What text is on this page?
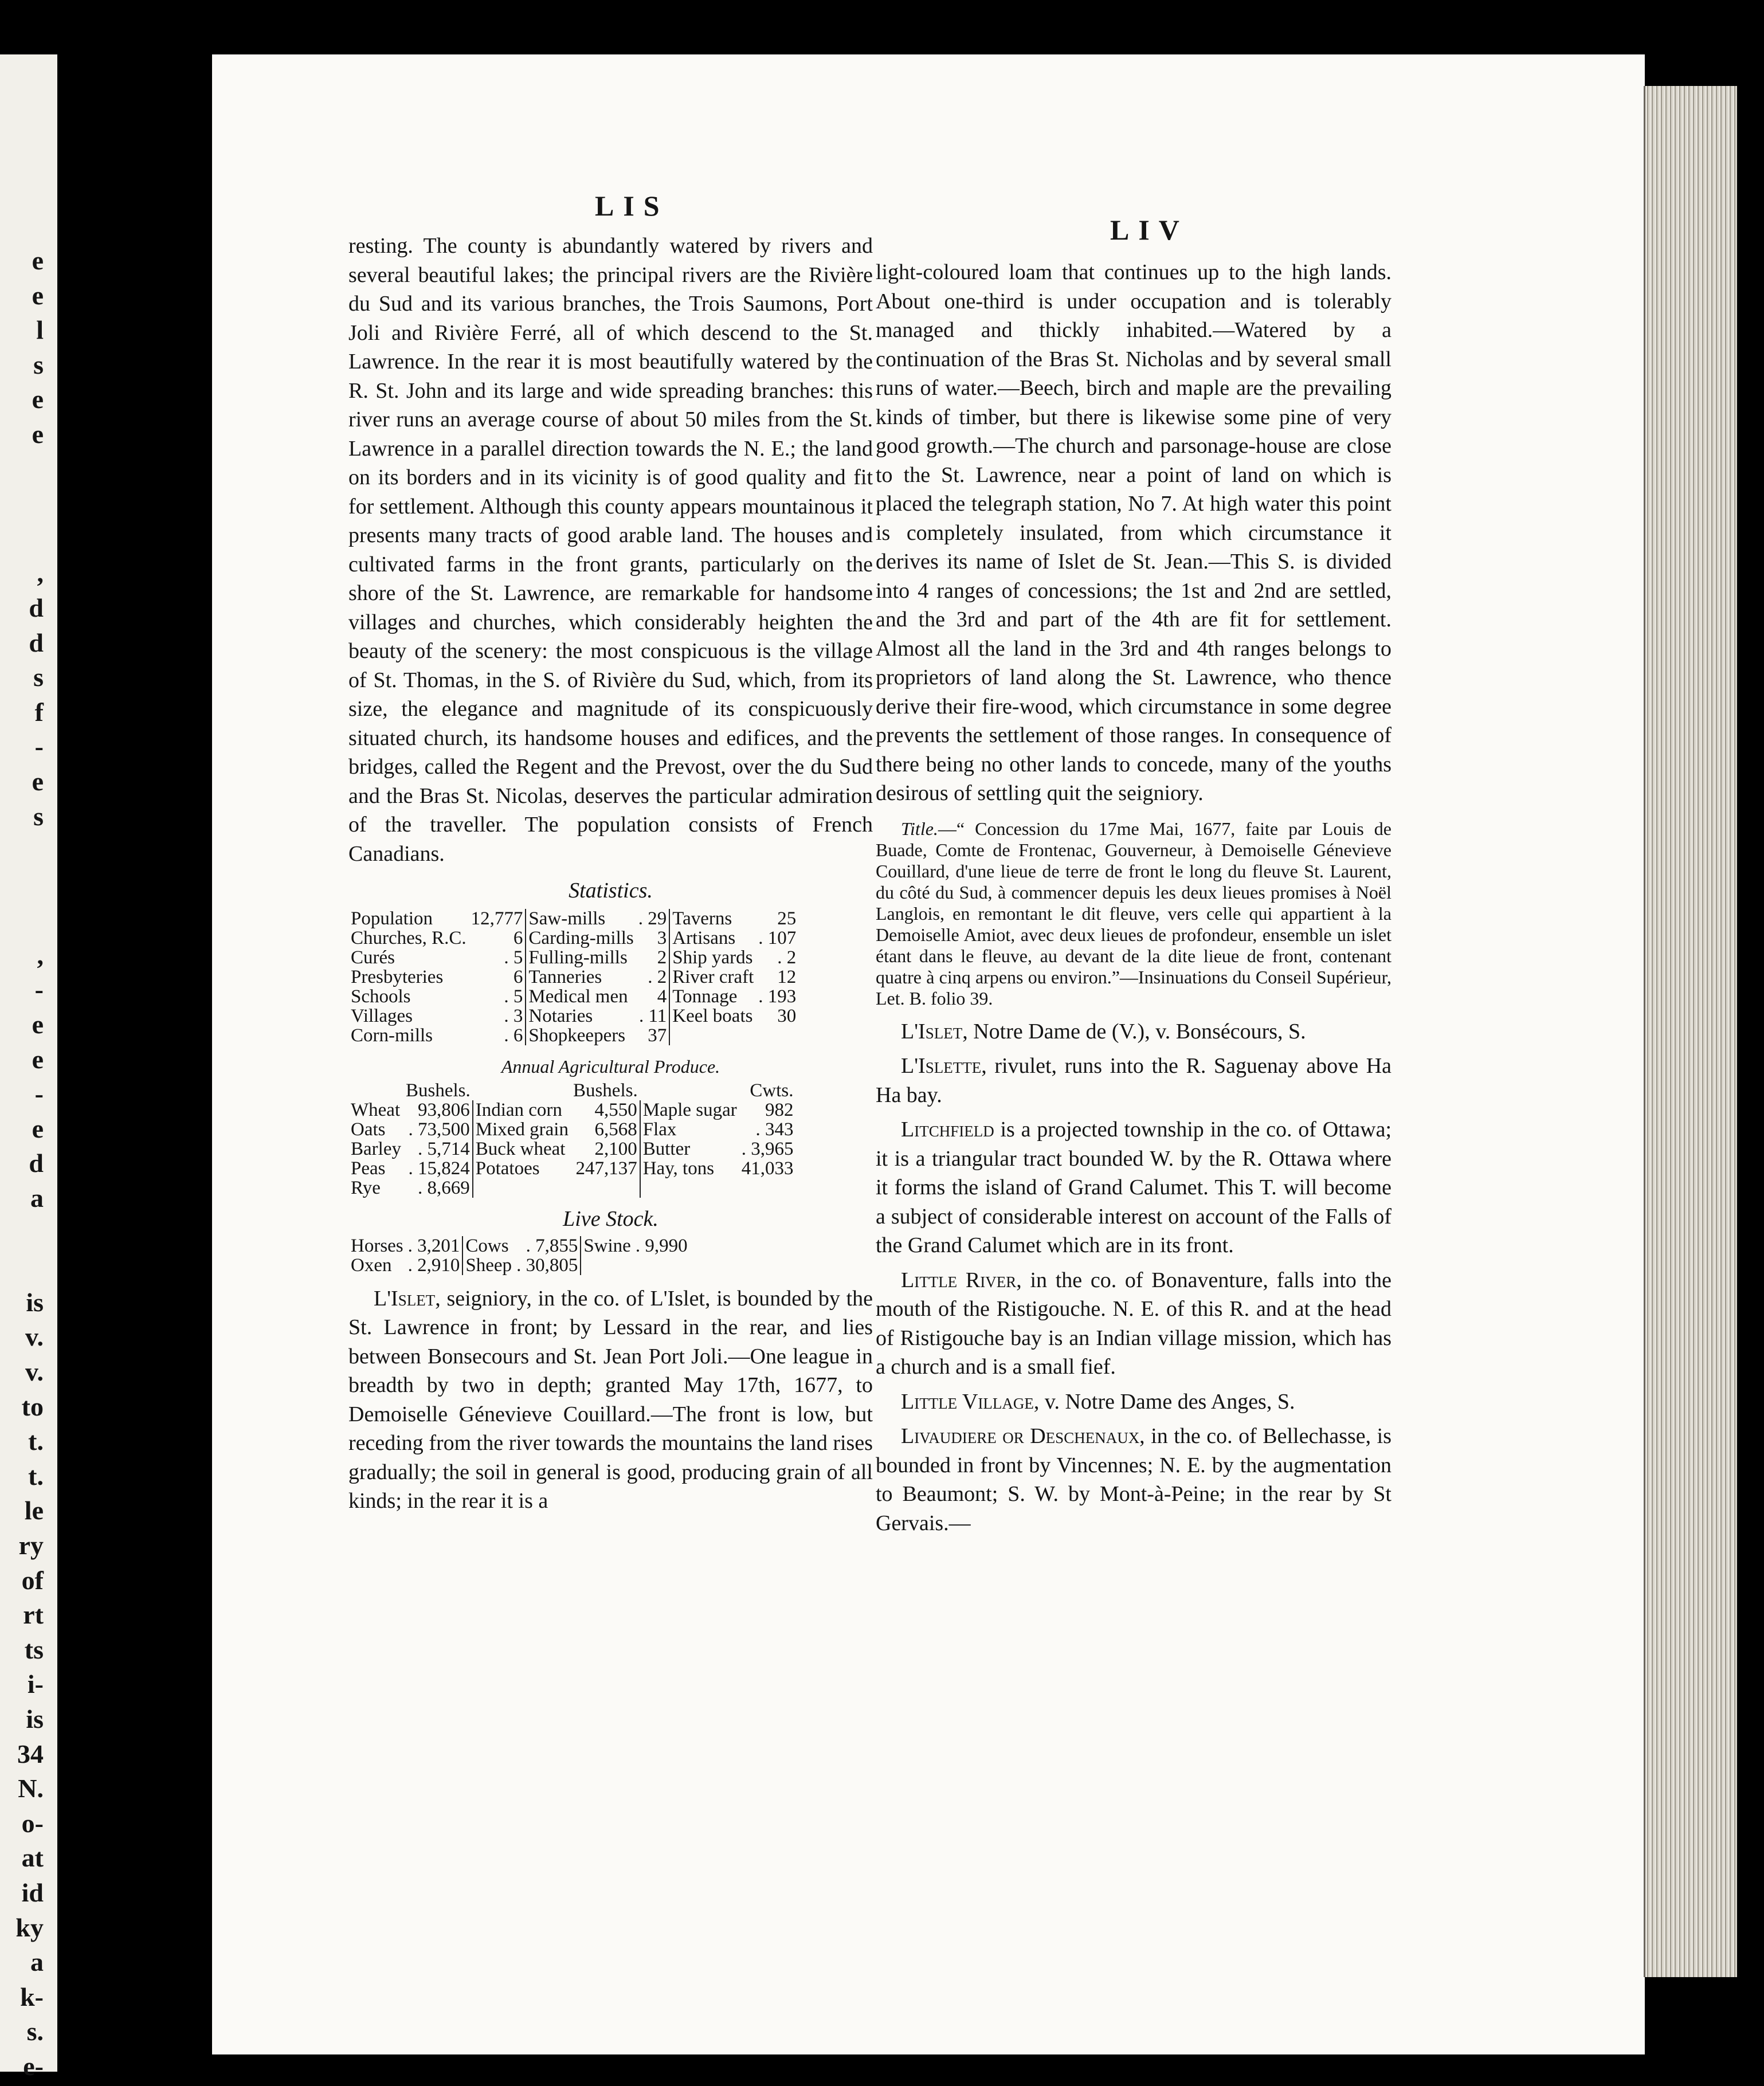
e
e
l
s
e
e

,
d
d
s
f
-
e
s

,
-
e
e
-
e
d
a

is
v.
v.
to
t.
t.
le
ry
of
rt
ts
i-
is
34
N.
o-
at
id
ky
a
k-
s.
e-
LIS
LIV

resting. The county is abundantly watered by rivers and several beautiful lakes; the principal rivers are the Rivière du Sud and its various branches, the Trois Saumons, Port Joli and Rivière Ferré, all of which descend to the St. Lawrence. In the rear it is most beautifully watered by the R. St. John and its large and wide spreading branches: this river runs an average course of about 50 miles from the St. Lawrence in a parallel direction towards the N. E.; the land on its borders and in its vicinity is of good quality and fit for settlement. Although this county appears mountainous it presents many tracts of good arable land. The houses and cultivated farms in the front grants, particularly on the shore of the St. Lawrence, are remarkable for handsome villages and churches, which considerably heighten the beauty of the scenery: the most conspicuous is the village of St. Thomas, in the S. of Rivière du Sud, which, from its size, the elegance and magnitude of its conspicuously situated church, its handsome houses and edifices, and the bridges, called the Regent and the Prevost, over the du Sud and the Bras St. Nicolas, deserves the particular admiration of the traveller. The population consists of French Canadians.

Statistics.

Population	12,777	Saw-mills	. 29	Taverns	25
Churches, R.C.	6	Carding-mills	3	Artisans	. 107
Curés	. 5	Fulling-mills	2	Ship yards	. 2
Presbyteries	6	Tanneries	. 2	River craft	12
Schools	. 5	Medical men	4	Tonnage	. 193
Villages	. 3	Notaries	. 11	Keel boats	30
Corn-mills	. 6	Shopkeepers	37		

Annual Agricultural Produce.

	Bushels.		Bushels.		Cwts.
Wheat	93,806	Indian corn	4,550	Maple sugar	982
Oats	. 73,500	Mixed grain	6,568	Flax	. 343
Barley	. 5,714	Buck wheat	2,100	Butter	. 3,965
Peas	. 15,824	Potatoes	247,137	Hay, tons	41,033
Rye	. 8,669				

Live Stock.

Horses	. 3,201	Cows	. 7,855	Swine	. 9,990
Oxen	. 2,910	Sheep	. 30,805		

L'Islet, seigniory, in the co. of L'Islet, is bounded by the St. Lawrence in front; by Lessard in the rear, and lies between Bonsecours and St. Jean Port Joli.—One league in breadth by two in depth; granted May 17th, 1677, to Demoiselle Génevieve Couillard.—The front is low, but receding from the river towards the mountains the land rises gradually; the soil in general is good, producing grain of all kinds; in the rear it is a

light-coloured loam that continues up to the high lands. About one-third is under occupation and is tolerably managed and thickly inhabited.—Watered by a continuation of the Bras St. Nicholas and by several small runs of water.—Beech, birch and maple are the prevailing kinds of timber, but there is likewise some pine of very good growth.—The church and parsonage-house are close to the St. Lawrence, near a point of land on which is placed the telegraph station, No 7. At high water this point is completely insulated, from which circumstance it derives its name of Islet de St. Jean.—This S. is divided into 4 ranges of concessions; the 1st and 2nd are settled, and the 3rd and part of the 4th are fit for settlement. Almost all the land in the 3rd and 4th ranges belongs to proprietors of land along the St. Lawrence, who thence derive their fire-wood, which circumstance in some degree prevents the settlement of those ranges. In consequence of there being no other lands to concede, many of the youths desirous of settling quit the seigniory.

Title.—“ Concession du 17me Mai, 1677, faite par Louis de Buade, Comte de Frontenac, Gouverneur, à Demoiselle Génevieve Couillard, d'une lieue de terre de front le long du fleuve St. Laurent, du côté du Sud, à commencer depuis les deux lieues promises à Noël Langlois, en remontant le dit fleuve, vers celle qui appartient à la Demoiselle Amiot, avec deux lieues de profondeur, ensemble un islet étant dans le fleuve, au devant de la dite lieue de front, contenant quatre à cinq arpens ou environ.”—Insinuations du Conseil Supérieur, Let. B. folio 39.

L'Islet, Notre Dame de (V.), v. Bonsécours, S.

L'Islette, rivulet, runs into the R. Saguenay above Ha Ha bay.

Litchfield is a projected township in the co. of Ottawa; it is a triangular tract bounded W. by the R. Ottawa where it forms the island of Grand Calumet. This T. will become a subject of considerable interest on account of the Falls of the Grand Calumet which are in its front.

Little River, in the co. of Bonaventure, falls into the mouth of the Ristigouche. N. E. of this R. and at the head of Ristigouche bay is an Indian village mission, which has a church and is a small fief.

Little Village, v. Notre Dame des Anges, S.

Livaudiere or Deschenaux, in the co. of Bellechasse, is bounded in front by Vincennes; N. E. by the augmentation to Beaumont; S. W. by Mont-à-Peine; in the rear by St Gervais.—
